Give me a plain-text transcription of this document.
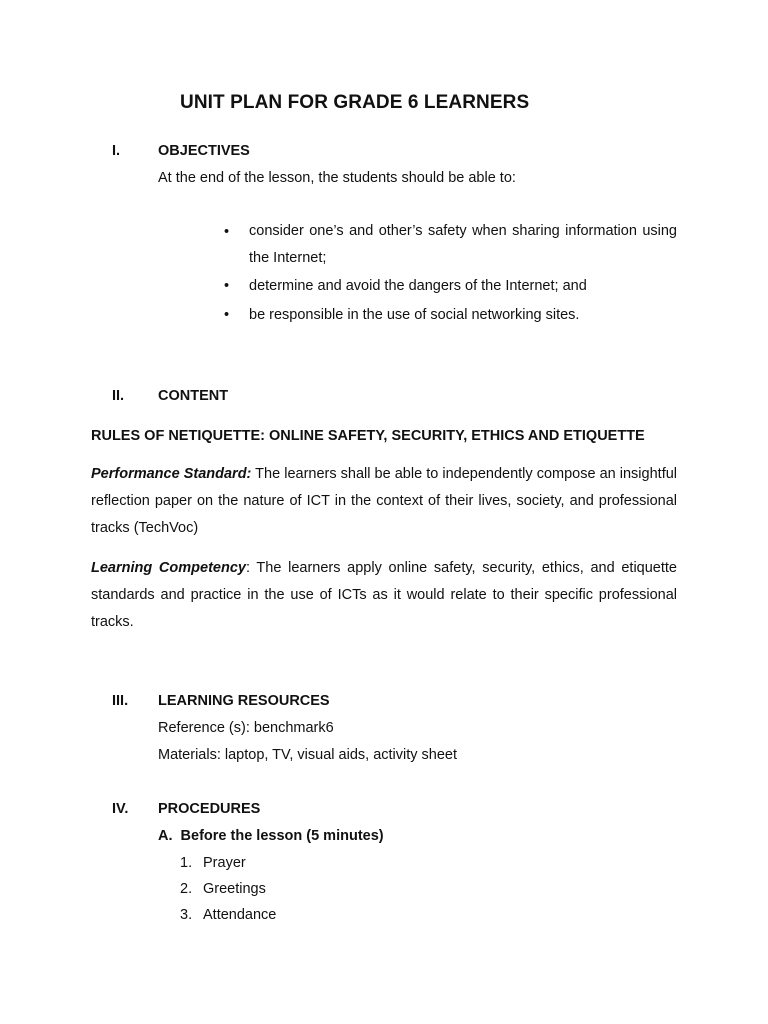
UNIT PLAN FOR GRADE 6 LEARNERS
I.	OBJECTIVES
At the end of the lesson, the students should be able to:
• consider one’s and other’s safety when sharing information using the Internet;
• determine and avoid the dangers of the Internet; and
• be responsible in the use of social networking sites.
II. CONTENT
RULES OF NETIQUETTE: ONLINE SAFETY, SECURITY, ETHICS AND ETIQUETTE
Performance Standard: The learners shall be able to independently compose an insightful reflection paper on the nature of ICT in the context of their lives, society, and professional tracks (TechVoc)
Learning Competency: The learners apply online safety, security, ethics, and etiquette standards and practice in the use of ICTs as it would relate to their specific professional tracks.
III. LEARNING RESOURCES
Reference (s): benchmark6
Materials: laptop, TV, visual aids, activity sheet
IV. PROCEDURES
A.  Before the lesson (5 minutes)
1. Prayer
2. Greetings
3. Attendance
